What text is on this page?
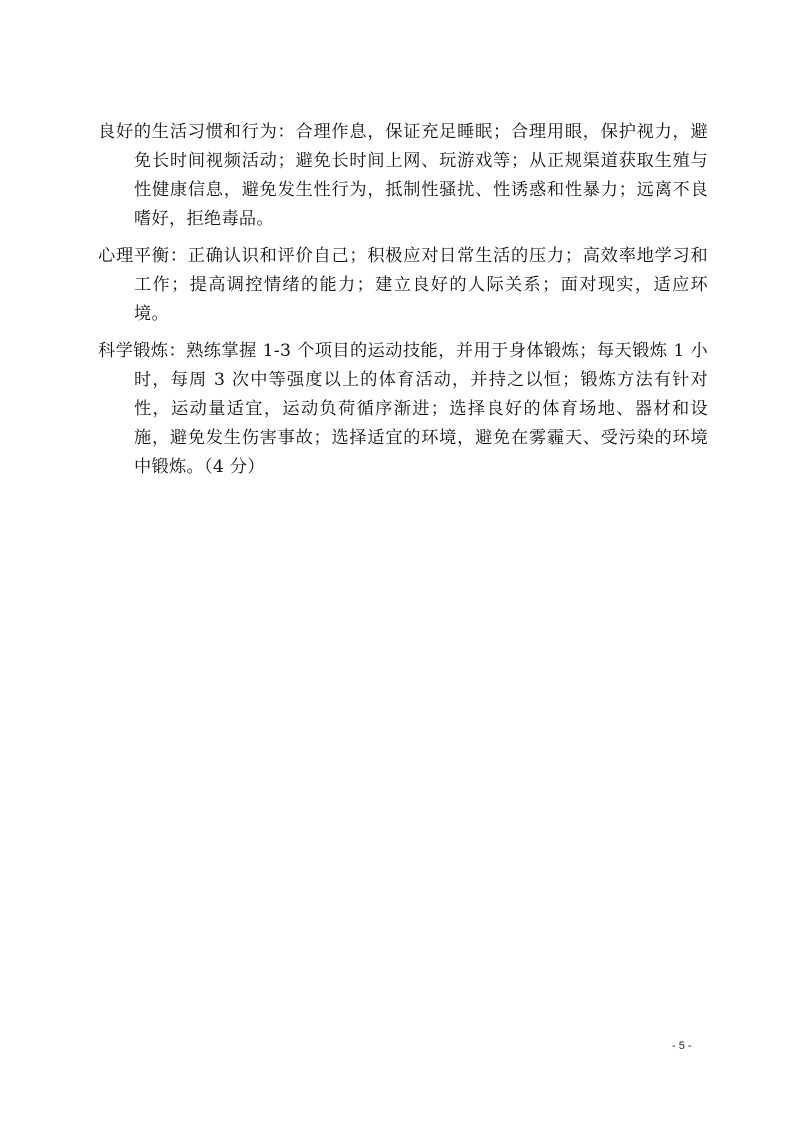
良好的生活习惯和行为：合理作息，保证充足睡眠；合理用眼，保护视力，避免长时间视频活动；避免长时间上网、玩游戏等；从正规渠道获取生殖与性健康信息，避免发生性行为，抵制性骚扰、性诱惑和性暴力；远离不良嗜好，拒绝毒品。

心理平衡：正确认识和评价自己；积极应对日常生活的压力；高效率地学习和工作；提高调控情绪的能力；建立良好的人际关系；面对现实，适应环境。

科学锻炼：熟练掌握 1-3 个项目的运动技能，并用于身体锻炼；每天锻炼 1 小时，每周 3 次中等强度以上的体育活动，并持之以恒；锻炼方法有针对性，运动量适宜，运动负荷循序渐进；选择良好的体育场地、器材和设施，避免发生伤害事故；选择适宜的环境，避免在雾霾天、受污染的环境中锻炼。（4 分）

- 5 -
